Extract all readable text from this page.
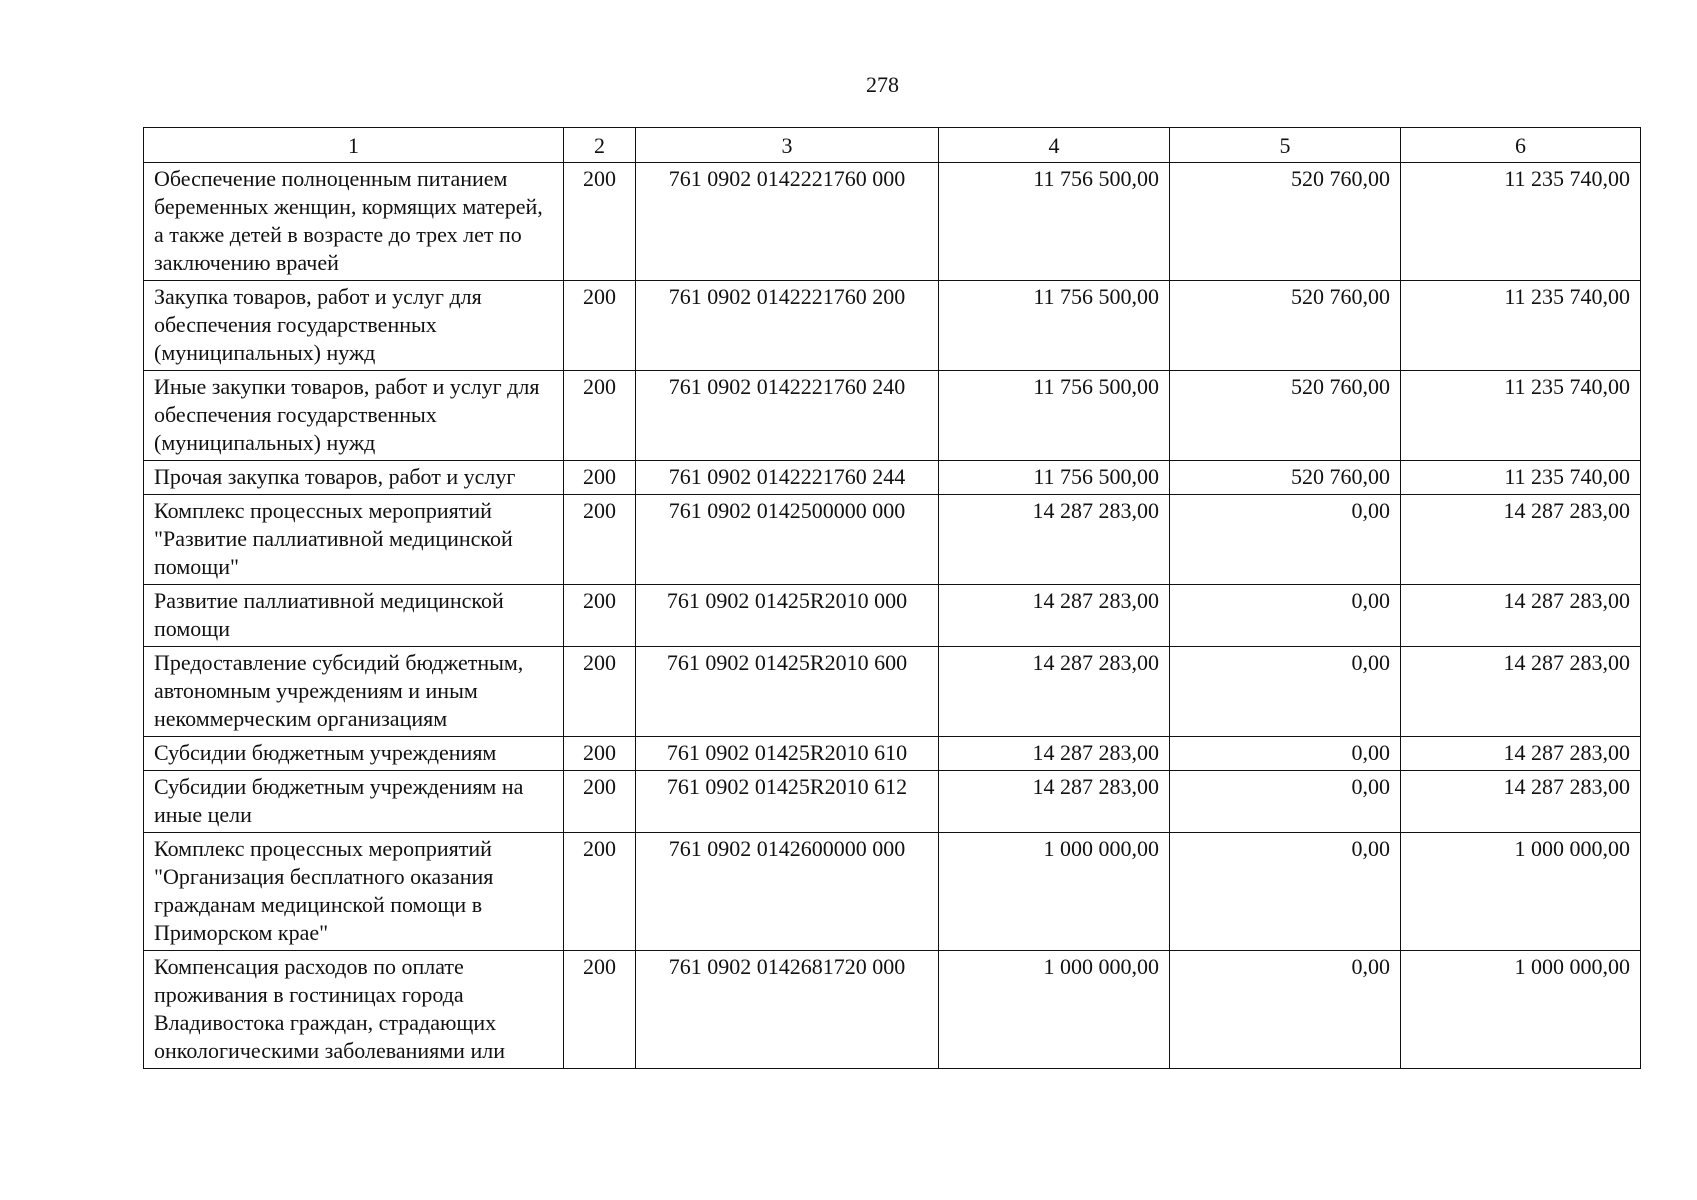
278
1	2	3	4	5	6
Обеспечение полноценным питанием беременных женщин, кормящих матерей, а также детей в возрасте до трех лет по заключению врачей	200	761 0902 0142221760 000	11 756 500,00	520 760,00	11 235 740,00
Закупка товаров, работ и услуг для обеспечения государственных (муниципальных) нужд	200	761 0902 0142221760 200	11 756 500,00	520 760,00	11 235 740,00
Иные закупки товаров, работ и услуг для обеспечения государственных (муниципальных) нужд	200	761 0902 0142221760 240	11 756 500,00	520 760,00	11 235 740,00
Прочая закупка товаров, работ и услуг	200	761 0902 0142221760 244	11 756 500,00	520 760,00	11 235 740,00
Комплекс процессных мероприятий "Развитие паллиативной медицинской помощи"	200	761 0902 0142500000 000	14 287 283,00	0,00	14 287 283,00
Развитие паллиативной медицинской помощи	200	761 0902 01425R2010 000	14 287 283,00	0,00	14 287 283,00
Предоставление субсидий бюджетным, автономным учреждениям и иным некоммерческим организациям	200	761 0902 01425R2010 600	14 287 283,00	0,00	14 287 283,00
Субсидии бюджетным учреждениям	200	761 0902 01425R2010 610	14 287 283,00	0,00	14 287 283,00
Субсидии бюджетным учреждениям на иные цели	200	761 0902 01425R2010 612	14 287 283,00	0,00	14 287 283,00
Комплекс процессных мероприятий "Организация бесплатного оказания гражданам медицинской помощи в Приморском крае"	200	761 0902 0142600000 000	1 000 000,00	0,00	1 000 000,00
Компенсация расходов по оплате проживания в гостиницах города Владивостока граждан, страдающих онкологическими заболеваниями или	200	761 0902 0142681720 000	1 000 000,00	0,00	1 000 000,00
